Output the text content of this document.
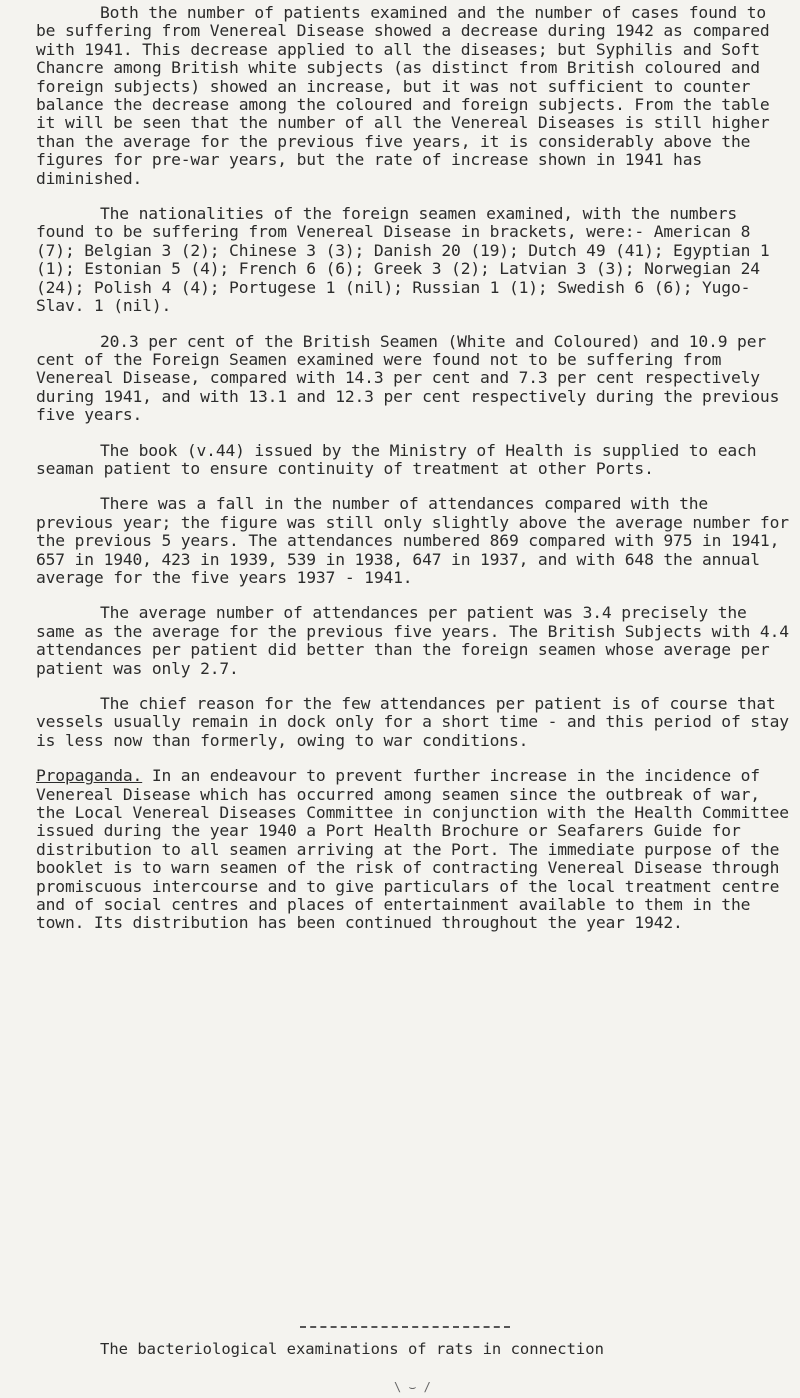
Both the number of patients examined and the number of cases found to be suffering from Venereal Disease showed a decrease during 1942 as compared with 1941. This decrease applied to all the diseases; but Syphilis and Soft Chancre among British white subjects (as distinct from British coloured and foreign subjects) showed an increase, but it was not sufficient to counter balance the decrease among the coloured and foreign subjects. From the table it will be seen that the number of all the Venereal Diseases is still higher than the average for the previous five years, it is considerably above the figures for pre-war years, but the rate of increase shown in 1941 has diminished.

The nationalities of the foreign seamen examined, with the numbers found to be suffering from Venereal Disease in brackets, were:- American 8 (7); Belgian 3 (2); Chinese 3 (3); Danish 20 (19); Dutch 49 (41); Egyptian 1 (1); Estonian 5 (4); French 6 (6); Greek 3 (2); Latvian 3 (3); Norwegian 24 (24); Polish 4 (4); Portugese 1 (nil); Russian 1 (1); Swedish 6 (6); Yugo-Slav. 1 (nil).

20.3 per cent of the British Seamen (White and Coloured) and 10.9 per cent of the Foreign Seamen examined were found not to be suffering from Venereal Disease, compared with 14.3 per cent and 7.3 per cent respectively during 1941, and with 13.1 and 12.3 per cent respectively during the previous five years.

The book (v.44) issued by the Ministry of Health is supplied to each seaman patient to ensure continuity of treatment at other Ports.

There was a fall in the number of attendances compared with the previous year; the figure was still only slightly above the average number for the previous 5 years. The attendances numbered 869 compared with 975 in 1941, 657 in 1940, 423 in 1939, 539 in 1938, 647 in 1937, and with 648 the annual average for the five years 1937 - 1941.

The average number of attendances per patient was 3.4 precisely the same as the average for the previous five years. The British Subjects with 4.4 attendances per patient did better than the foreign seamen whose average per patient was only 2.7.

The chief reason for the few attendances per patient is of course that vessels usually remain in dock only for a short time - and this period of stay is less now than formerly, owing to war conditions.

Propaganda. In an endeavour to prevent further increase in the incidence of Venereal Disease which has occurred among seamen since the outbreak of war, the Local Venereal Diseases Committee in conjunction with the Health Committee issued during the year 1940 a Port Health Brochure or Seafarers Guide for distribution to all seamen arriving at the Port. The immediate purpose of the booklet is to warn seamen of the risk of contracting Venereal Disease through promiscuous intercourse and to give particulars of the local treatment centre and of social centres and places of entertainment available to them in the town. Its distribution has been continued throughout the year 1942.

The bacteriological examinations of rats in connection
\ ⌣ /
